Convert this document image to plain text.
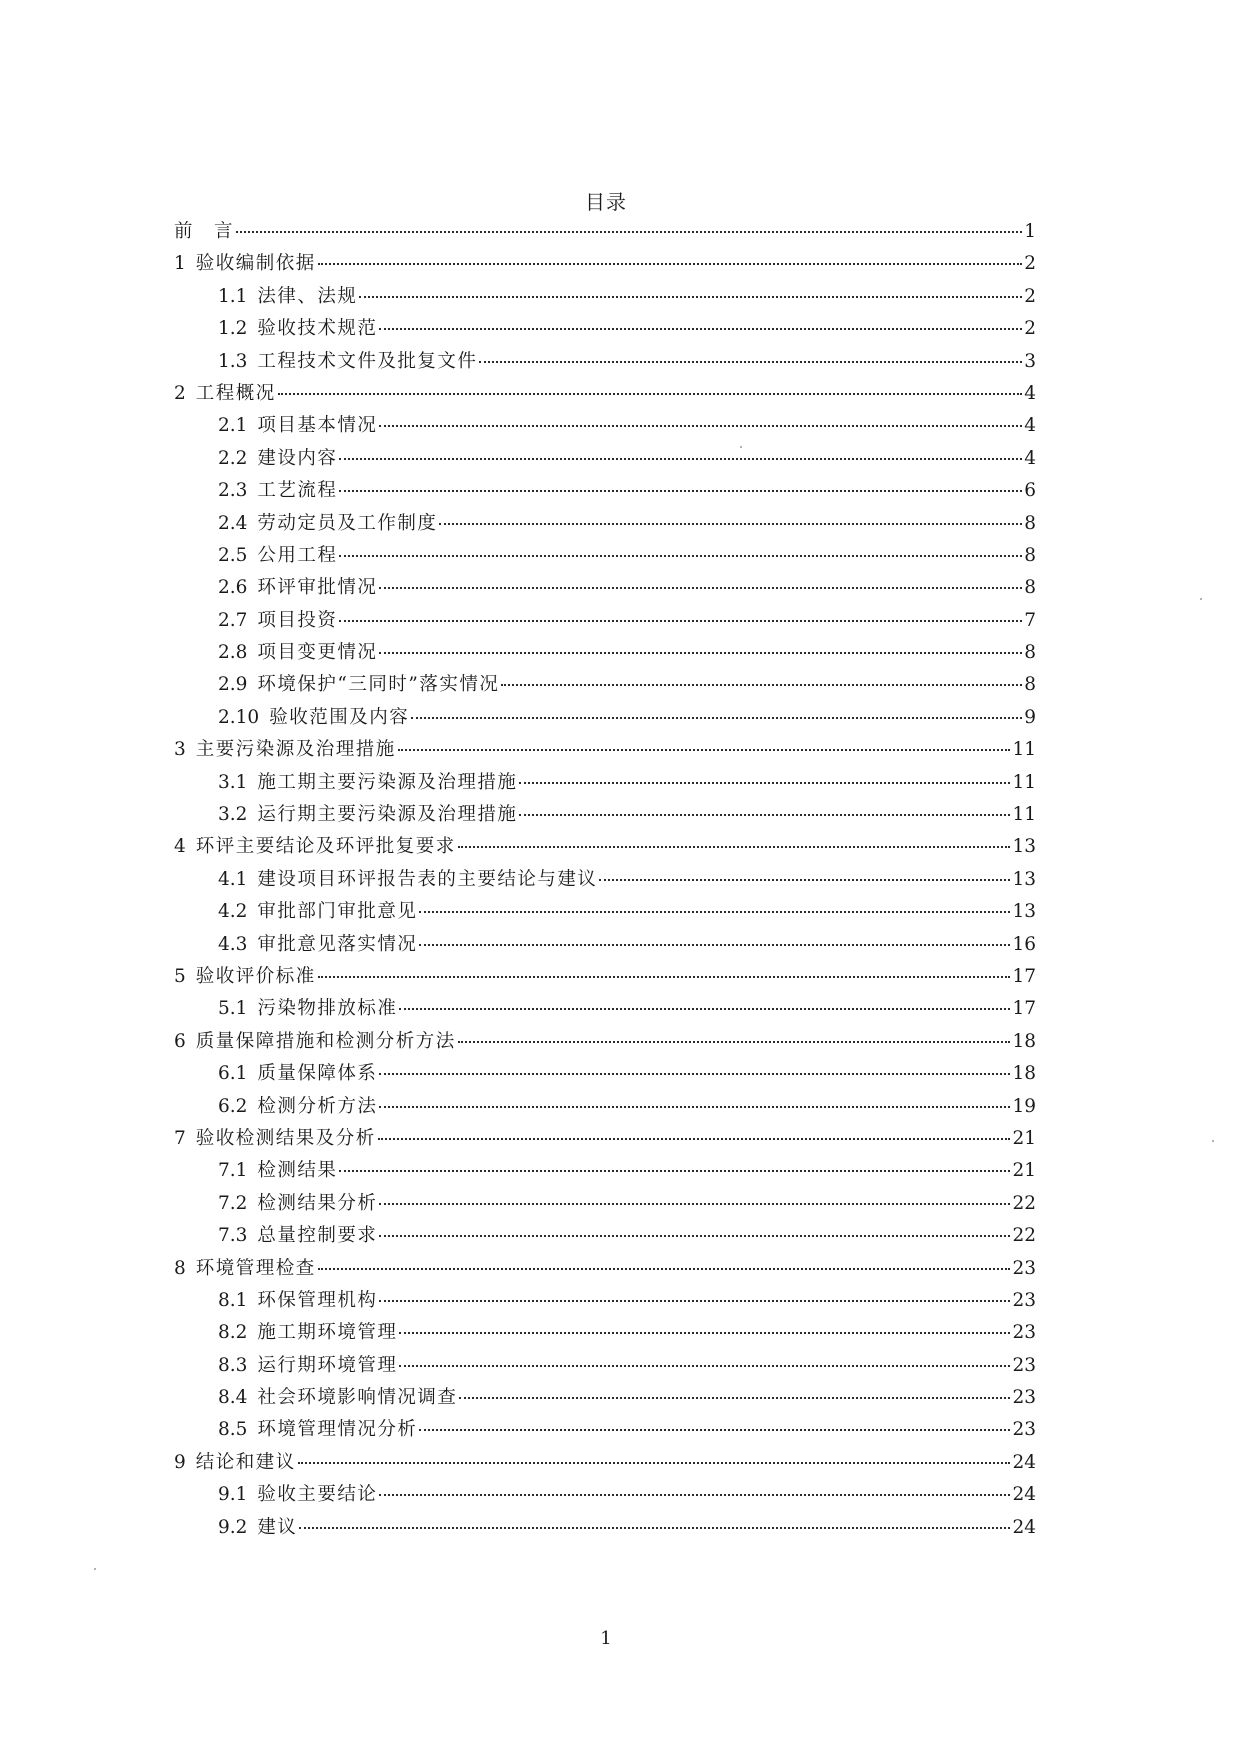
目录
前　言	1
1 验收编制依据	2
1.1 法律、法规	2
1.2 验收技术规范	2
1.3 工程技术文件及批复文件	3
2 工程概况	4
2.1 项目基本情况	4
2.2 建设内容	4
2.3 工艺流程	6
2.4 劳动定员及工作制度	8
2.5 公用工程	8
2.6 环评审批情况	8
2.7 项目投资	7
2.8 项目变更情况	8
2.9 环境保护“三同时”落实情况	8
2.10 验收范围及内容	9
3 主要污染源及治理措施	11
3.1 施工期主要污染源及治理措施	11
3.2 运行期主要污染源及治理措施	11
4 环评主要结论及环评批复要求	13
4.1 建设项目环评报告表的主要结论与建议	13
4.2 审批部门审批意见	13
4.3 审批意见落实情况	16
5 验收评价标准	17
5.1 污染物排放标准	17
6 质量保障措施和检测分析方法	18
6.1 质量保障体系	18
6.2 检测分析方法	19
7 验收检测结果及分析	21
7.1 检测结果	21
7.2 检测结果分析	22
7.3 总量控制要求	22
8 环境管理检查	23
8.1 环保管理机构	23
8.2 施工期环境管理	23
8.3 运行期环境管理	23
8.4 社会环境影响情况调查	23
8.5 环境管理情况分析	23
9 结论和建议	24
9.1 验收主要结论	24
9.2 建议	24
1
